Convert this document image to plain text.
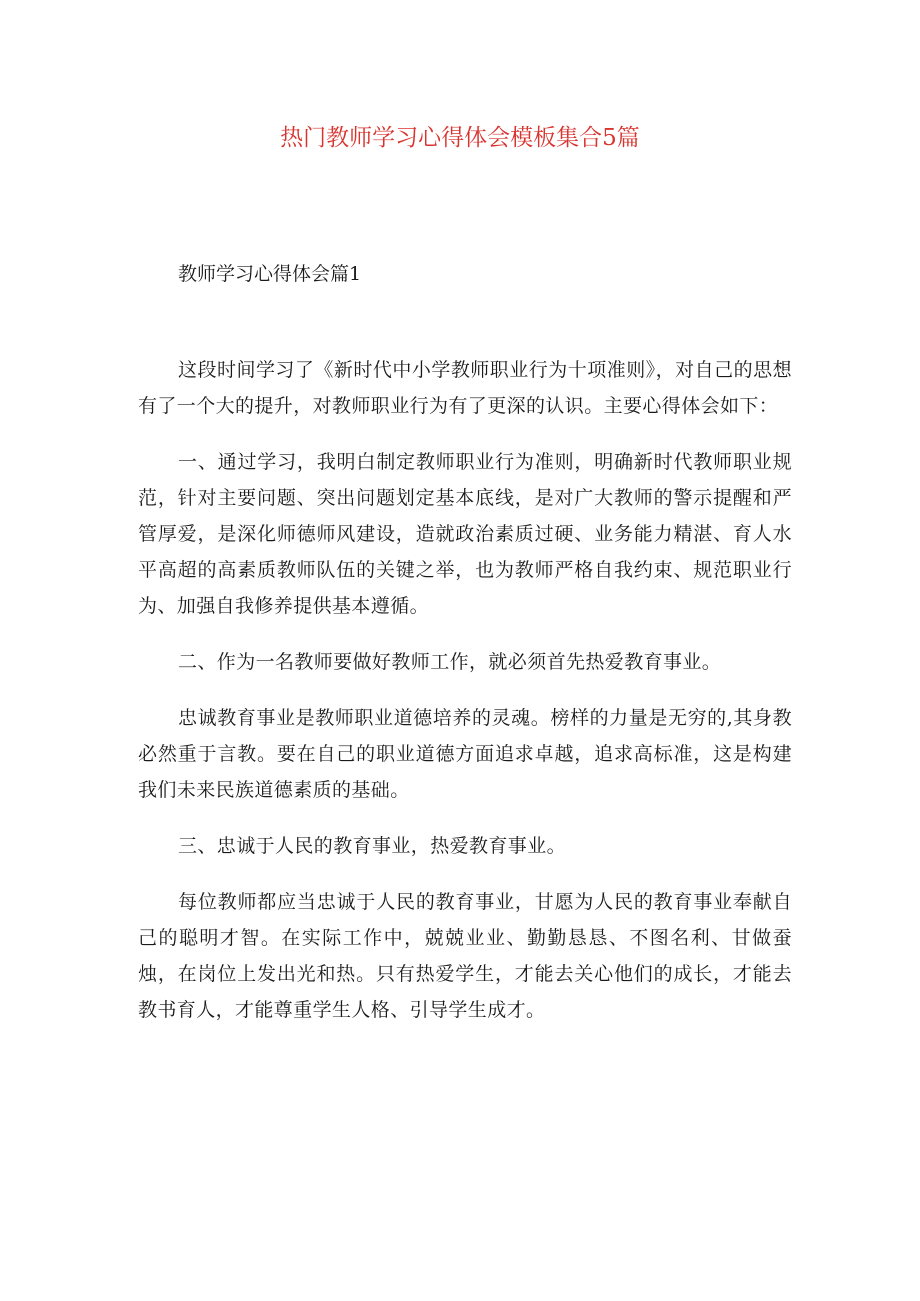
热门教师学习心得体会模板集合5篇
教师学习心得体会篇1

这段时间学习了《新时代中小学教师职业行为十项准则》，对自己的思想有了一个大的提升，对教师职业行为有了更深的认识。主要心得体会如下：

一、通过学习，我明白制定教师职业行为准则，明确新时代教师职业规范，针对主要问题、突出问题划定基本底线，是对广大教师的警示提醒和严管厚爱，是深化师德师风建设，造就政治素质过硬、业务能力精湛、育人水平高超的高素质教师队伍的关键之举，也为教师严格自我约束、规范职业行为、加强自我修养提供基本遵循。

二、作为一名教师要做好教师工作，就必须首先热爱教育事业。

忠诚教育事业是教师职业道德培养的灵魂。榜样的力量是无穷的,其身教必然重于言教。要在自己的职业道德方面追求卓越，追求高标准，这是构建我们未来民族道德素质的基础。

三、忠诚于人民的教育事业，热爱教育事业。

每位教师都应当忠诚于人民的教育事业，甘愿为人民的教育事业奉献自己的聪明才智。在实际工作中，兢兢业业、勤勤恳恳、不图名利、甘做蚕烛，在岗位上发出光和热。只有热爱学生，才能去关心他们的成长，才能去教书育人，才能尊重学生人格、引导学生成才。
